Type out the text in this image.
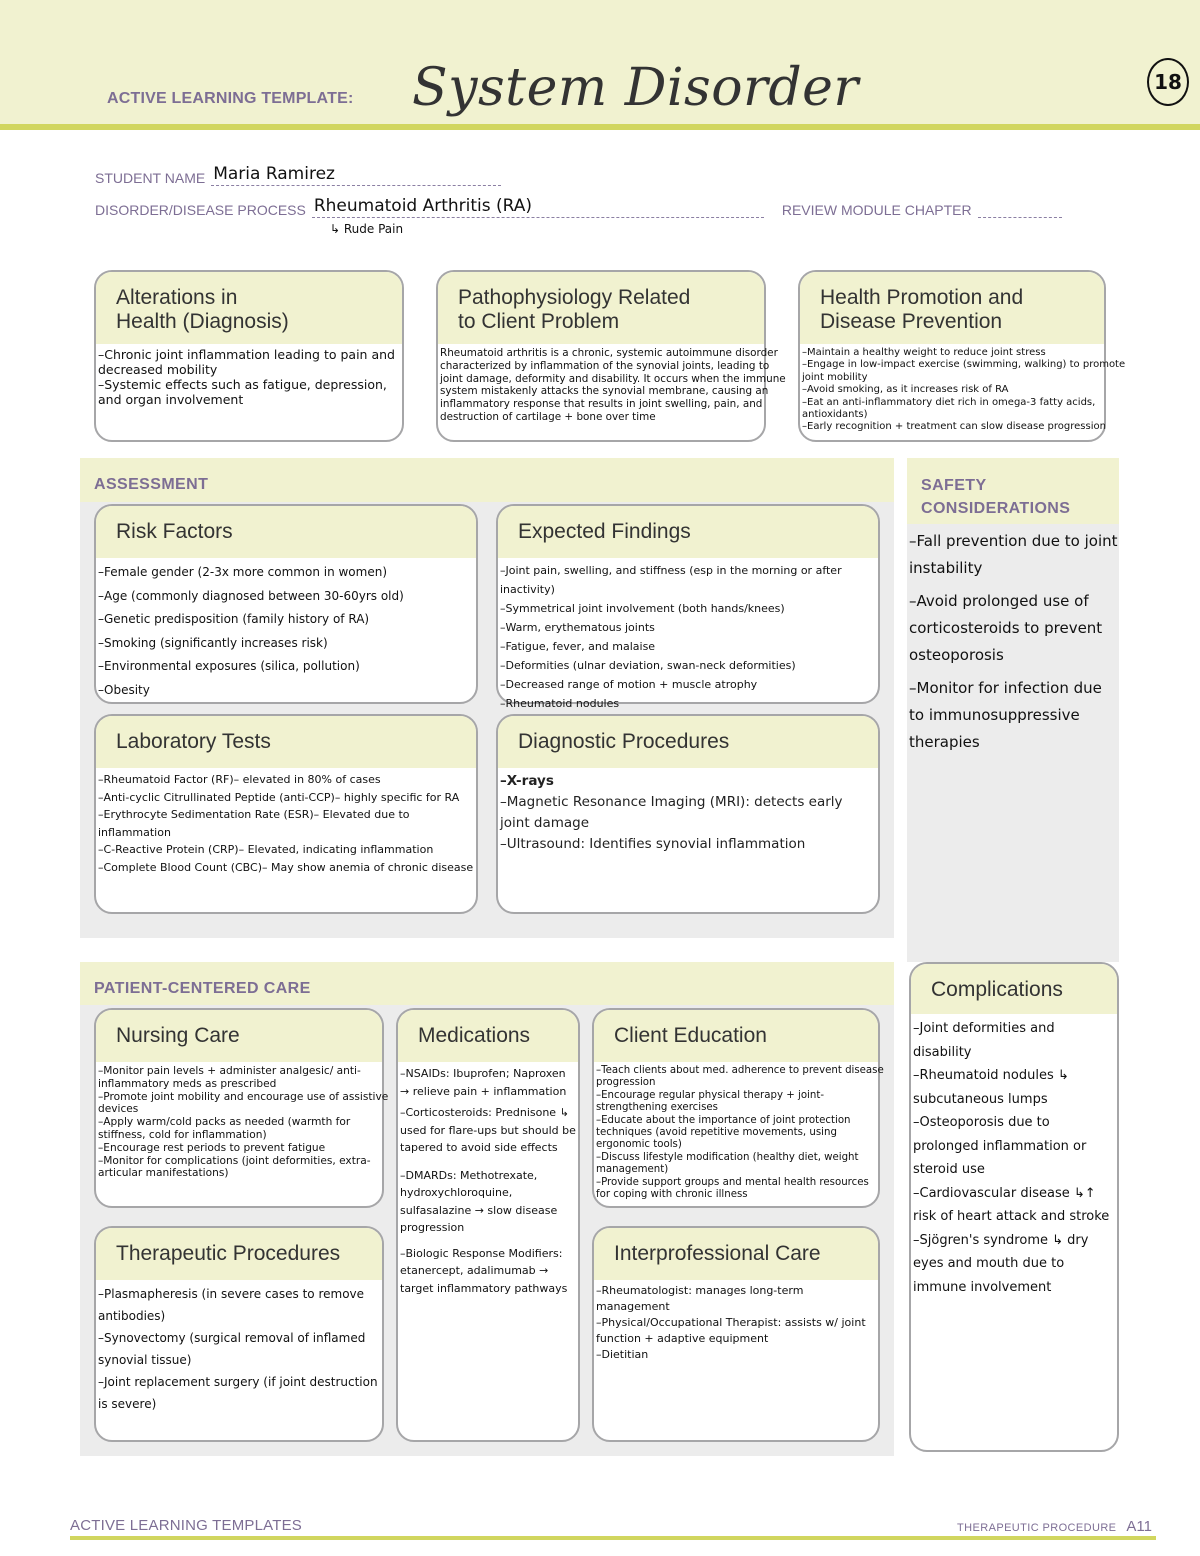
ACTIVE LEARNING TEMPLATE: System Disorder	18
STUDENT NAME Maria Ramirez
DISORDER/DISEASE PROCESS Rheumatoid Arthritis (RA)	REVIEW MODULE CHAPTER
↳ Rude Pain
Alterations in
Health (Diagnosis)
–Chronic joint inflammation leading to pain and decreased mobility
–Systemic effects such as fatigue, depression, and organ involvement
Pathophysiology Related
to Client Problem
Rheumatoid arthritis is a chronic, systemic autoimmune disorder characterized by inflammation of the synovial joints, leading to joint damage, deformity and disability. It occurs when the immune system mistakenly attacks the synovial membrane, causing an inflammatory response that results in joint swelling, pain, and destruction of cartilage + bone over time
Health Promotion and
Disease Prevention
–Maintain a healthy weight to reduce joint stress
–Engage in low-impact exercise (swimming, walking) to promote joint mobility
–Avoid smoking, as it increases risk of RA
–Eat an anti-inflammatory diet rich in omega-3 fatty acids, antioxidants)
–Early recognition + treatment can slow disease progression
ASSESSMENT
Risk Factors
–Female gender (2-3x more common in women)
–Age (commonly diagnosed between 30-60yrs old)
–Genetic predisposition (family history of RA)
–Smoking (significantly increases risk)
–Environmental exposures (silica, pollution)
–Obesity
Expected Findings
–Joint pain, swelling, and stiffness (esp in the morning or after inactivity)
–Symmetrical joint involvement (both hands/knees)
–Warm, erythematous joints
–Fatigue, fever, and malaise
–Deformities (ulnar deviation, swan-neck deformities)
–Decreased range of motion + muscle atrophy
–Rheumatoid nodules
Laboratory Tests
–Rheumatoid Factor (RF)– elevated in 80% of cases
–Anti-cyclic Citrullinated Peptide (anti-CCP)– highly specific for RA
–Erythrocyte Sedimentation Rate (ESR)– Elevated due to inflammation
–C-Reactive Protein (CRP)– Elevated, indicating inflammation
–Complete Blood Count (CBC)– May show anemia of chronic disease
Diagnostic Procedures
–X-rays
–Magnetic Resonance Imaging (MRI): detects early joint damage
–Ultrasound: Identifies synovial inflammation
SAFETY
CONSIDERATIONS
–Fall prevention due to joint instability
–Avoid prolonged use of corticosteroids to prevent osteoporosis
–Monitor for infection due to immunosuppressive therapies
PATIENT-CENTERED CARE
Nursing Care
–Monitor pain levels + administer analgesic/ anti-inflammatory meds as prescribed
–Promote joint mobility and encourage use of assistive devices
–Apply warm/cold packs as needed (warmth for stiffness, cold for inflammation)
–Encourage rest periods to prevent fatigue
–Monitor for complications (joint deformities, extra-articular manifestations)
Medications
–NSAIDs: Ibuprofen; Naproxen → relieve pain + inflammation
–Corticosteroids: Prednisone ↳ used for flare-ups but should be tapered to avoid side effects
–DMARDs: Methotrexate, hydroxychloroquine, sulfasalazine → slow disease progression
–Biologic Response Modifiers: etanercept, adalimumab → target inflammatory pathways
Client Education
–Teach clients about med. adherence to prevent disease progression
–Encourage regular physical therapy + joint-strengthening exercises
–Educate about the importance of joint protection techniques (avoid repetitive movements, using ergonomic tools)
–Discuss lifestyle modification (healthy diet, weight management)
–Provide support groups and mental health resources for coping with chronic illness
Therapeutic Procedures
–Plasmapheresis (in severe cases to remove antibodies)
–Synovectomy (surgical removal of inflamed synovial tissue)
–Joint replacement surgery (if joint destruction is severe)
Interprofessional Care
–Rheumatologist: manages long-term management
–Physical/Occupational Therapist: assists w/ joint function + adaptive equipment
–Dietitian
Complications
–Joint deformities and disability
–Rheumatoid nodules ↳ subcutaneous lumps
–Osteoporosis due to prolonged inflammation or steroid use
–Cardiovascular disease ↳↑ risk of heart attack and stroke
–Sjögren's syndrome ↳ dry eyes and mouth due to immune involvement
ACTIVE LEARNING TEMPLATES	THERAPEUTIC PROCEDURE A11
